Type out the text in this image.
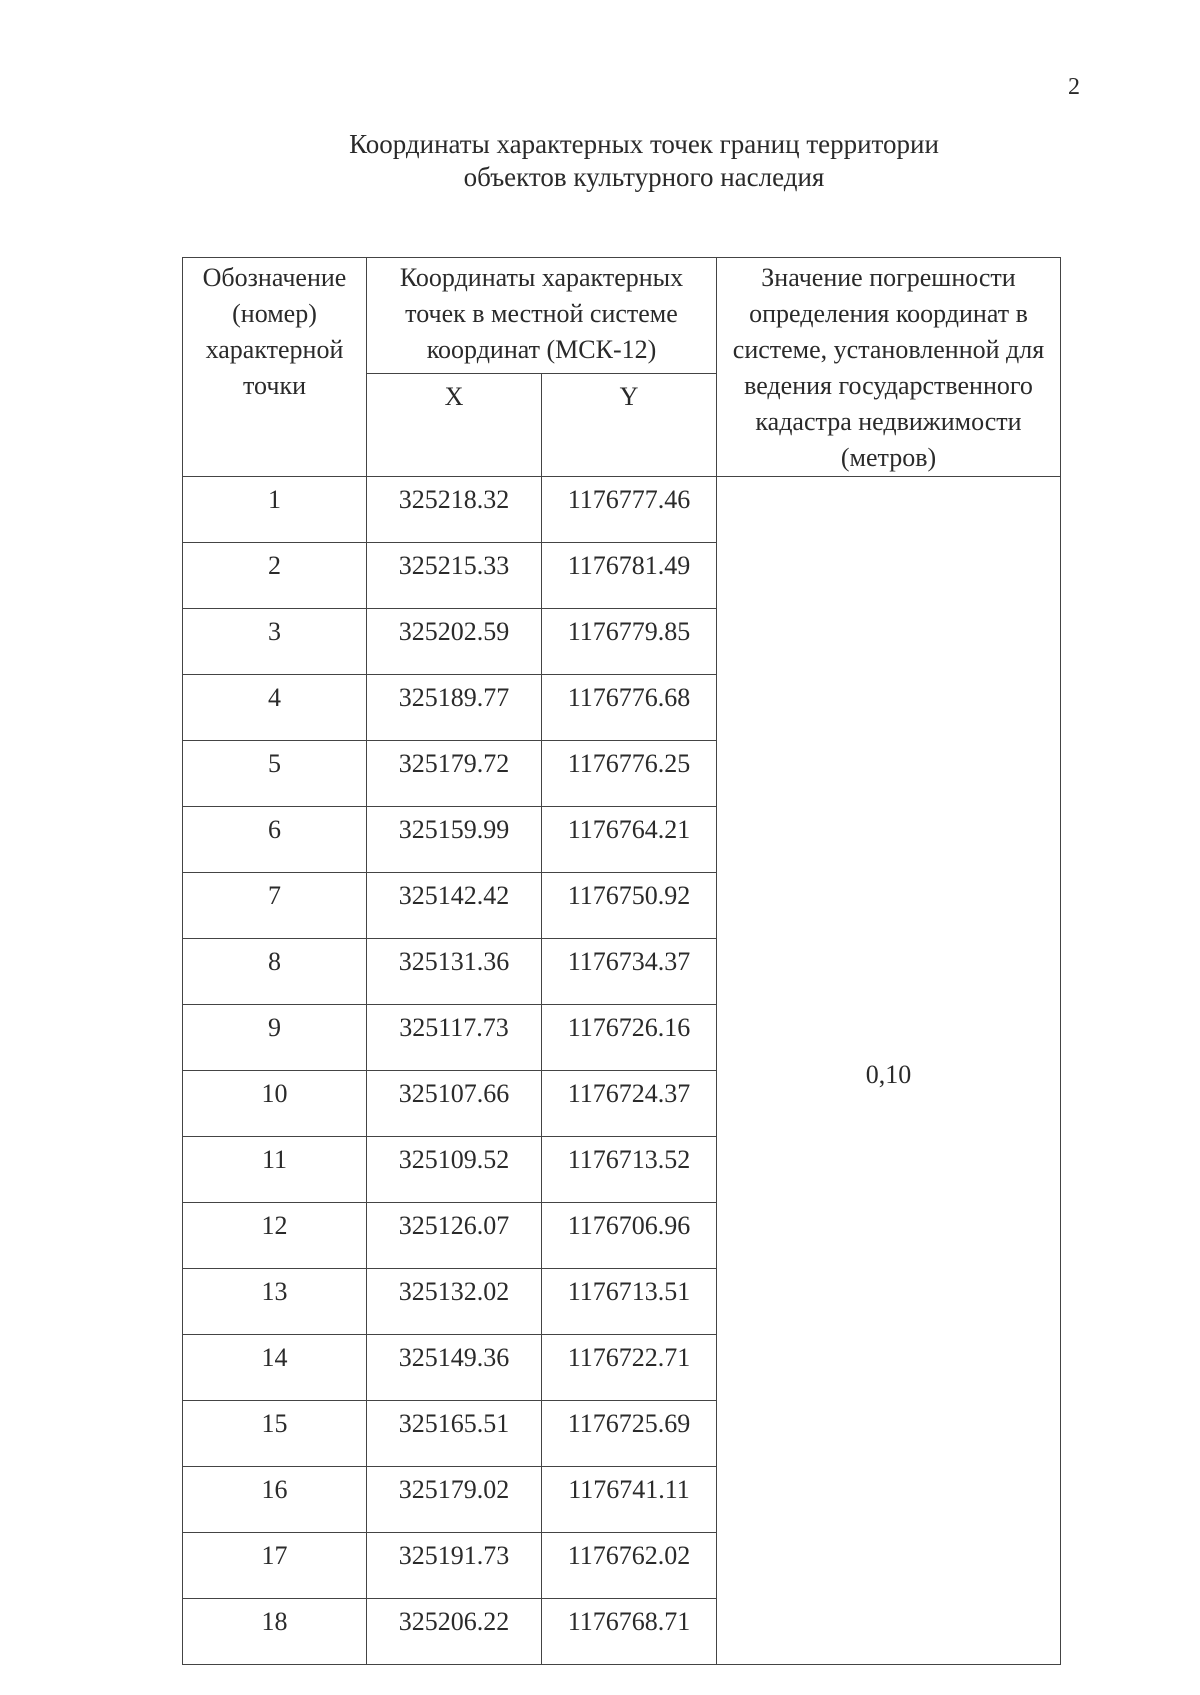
2
Координаты характерных точек границ территории
объектов культурного наследия
Обозначение (номер) характерной точки	Координаты характерных точек в местной системе координат (МСК-12)		Значение погрешности определения координат в системе, установленной для ведения государственного кадастра недвижимости (метров)
	X	Y	
1	325218.32	1176777.46	0,10
2	325215.33	1176781.49	
3	325202.59	1176779.85	
4	325189.77	1176776.68	
5	325179.72	1176776.25	
6	325159.99	1176764.21	
7	325142.42	1176750.92	
8	325131.36	1176734.37	
9	325117.73	1176726.16	
10	325107.66	1176724.37	
11	325109.52	1176713.52	
12	325126.07	1176706.96	
13	325132.02	1176713.51	
14	325149.36	1176722.71	
15	325165.51	1176725.69	
16	325179.02	1176741.11	
17	325191.73	1176762.02	
18	325206.22	1176768.71	
